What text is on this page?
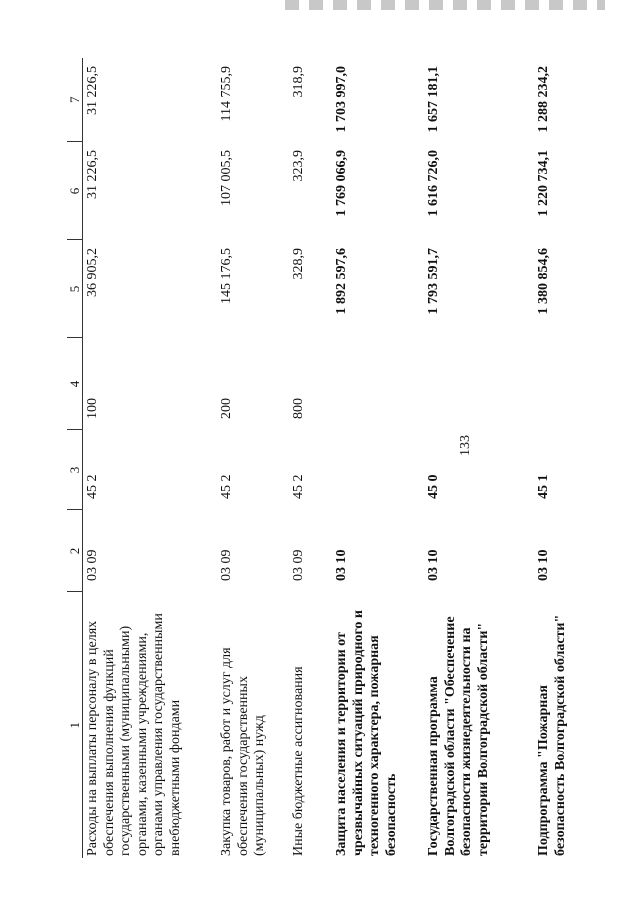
133
1	2	3	4	5	6	7
Расходы на выплаты персоналу в целях обеспечения выполнения функций государственными (муниципальными) органами, казенными учреждениями, органами управления государственными внебюджетными фондами	03 09	45 2	100	36 905,2	31 226,5	31 226,5
Закупка товаров, работ и услуг для обеспечения государственных (муниципальных) нужд	03 09	45 2	200	145 176,5	107 005,5	114 755,9
Иные бюджетные ассигнования	03 09	45 2	800	328,9	323,9	318,9
Защита населения и территории от чрезвычайных ситуаций природного и техногенного характера, пожарная безопасность	03 10			1 892 597,6	1 769 066,9	1 703 997,0
Государственная программа Волгоградской области "Обеспечение безопасности жизнедеятельности на территории Волгоградской области"	03 10	45 0		1 793 591,7	1 616 726,0	1 657 181,1
Подпрограмма "Пожарная безопасность Волгоградской области"	03 10	45 1		1 380 854,6	1 220 734,1	1 288 234,2
